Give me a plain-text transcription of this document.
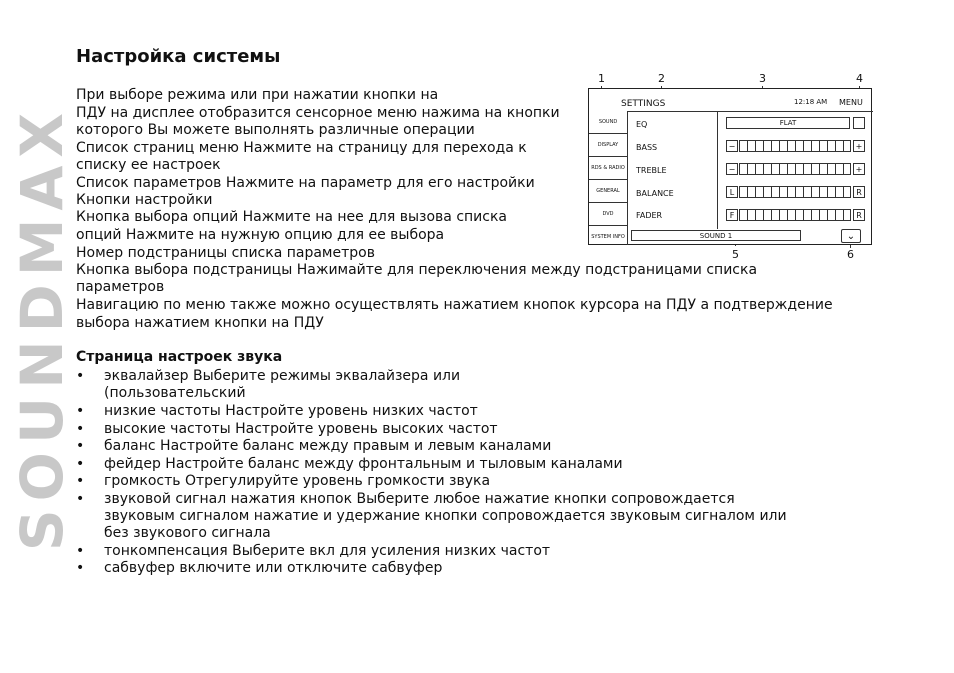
SOUNDMAX
Настройка системы
При выборе режима или при нажатии кнопки на
ПДУ на дисплее отобразится сенсорное меню нажима на кнопки
которого Вы можете выполнять различные операции
Список страниц меню Нажмите на страницу для перехода к
списку ее настроек
Список параметров Нажмите на параметр для его настройки
Кнопки настройки
Кнопка выбора опций Нажмите на нее для вызова списка
опций Нажмите на нужную опцию для ее выбора
Номер подстраницы списка параметров
Кнопка выбора подстраницы Нажимайте для переключения между подстраницами списка
параметров
Навигацию по меню также можно осуществлять нажатием кнопок курсора на ПДУ а подтверждение
выбора нажатием кнопки на ПДУ
Страница настроек звука
• эквалайзер Выберите режимы эквалайзера или
(пользовательский
• низкие частоты Настройте уровень низких частот
• высокие частоты Настройте уровень высоких частот
• баланс Настройте баланс между правым и левым каналами
• фейдер Настройте баланс между фронтальным и тыловым каналами
• громкость Отрегулируйте уровень громкости звука
• звуковой сигнал нажатия кнопок Выберите любое нажатие кнопки сопровождается
звуковым сигналом нажатие и удержание кнопки сопровождается звуковым сигналом или
без звукового сигнала
• тонкомпенсация Выберите вкл для усиления низких частот
• сабвуфер включите или отключите сабвуфер
1	2	3	4
5	6
SETTINGS	12:18 AM MENU
SOUND
DISPLAY
RDS & RADIO
GENERAL
DVD
SYSTEM INFO
EQ
BASS
TREBLE
BALANCE
FADER
FLAT
−	+
−	+
L	R
F	R
SOUND 1	⌄
